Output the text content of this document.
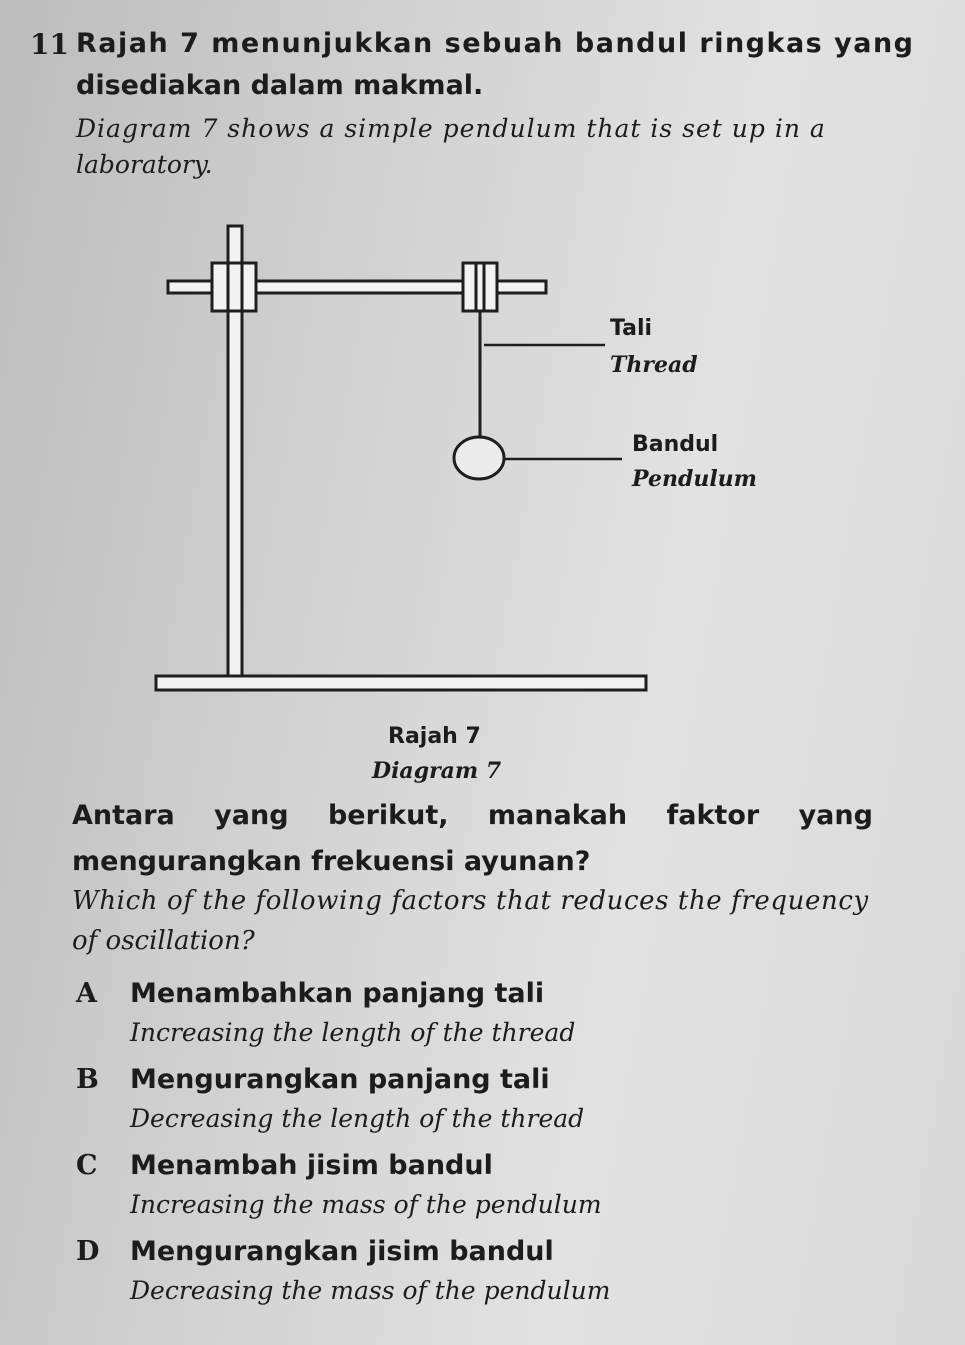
11 Rajah 7 menunjukkan sebuah bandul ringkas yang
disediakan dalam makmal.
Diagram 7 shows a simple pendulum that is set up in a
laboratory.
Tali
Thread
Bandul
Pendulum
Rajah 7
Diagram 7
Antara yang berikut, manakah faktor yang
mengurangkan frekuensi ayunan?
Which of the following factors that reduces the frequency
of oscillation?
A Menambahkan panjang tali
Increasing the length of the thread
B Mengurangkan panjang tali
Decreasing the length of the thread
C Menambah jisim bandul
Increasing the mass of the pendulum
D Mengurangkan jisim bandul
Decreasing the mass of the pendulum
